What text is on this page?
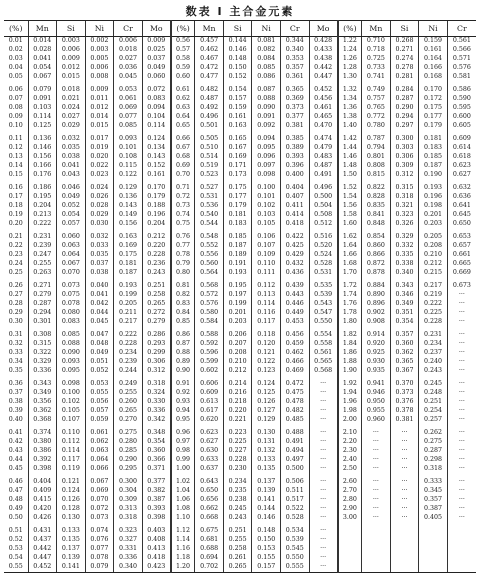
数表 I 主合金元素
(%)	Mn	Si	Ni	Cr	Mo	(%)	Mn	Si	Ni	Cr	Mo	(%)	Mn	Si	Ni	Cr
0.01	0.014	0.003	0.002	0.006	0.009	0.56	0.457	0.144	0.081	0.344	0.428	1.22	0.710	0.268	0.159	0.561
0.02	0.028	0.006	0.003	0.018	0.025	0.57	0.462	0.146	0.082	0.340	0.433	1.24	0.718	0.271	0.161	0.566
0.03	0.041	0.009	0.005	0.027	0.037	0.58	0.467	0.148	0.084	0.353	0.438	1.26	0.725	0.274	0.164	0.571
0.04	0.054	0.012	0.006	0.036	0.049	0.59	0.472	0.150	0.085	0.357	0.442	1.28	0.733	0.278	0.166	0.576
0.05	0.067	0.015	0.008	0.045	0.060	0.60	0.477	0.152	0.086	0.361	0.447	1.30	0.741	0.281	0.168	0.581

0.06	0.079	0.018	0.009	0.053	0.072	0.61	0.482	0.154	0.087	0.365	0.452	1.32	0.749	0.284	0.170	0.586
0.07	0.091	0.021	0.011	0.061	0.083	0.62	0.487	0.157	0.088	0.369	0.456	1.34	0.757	0.287	0.172	0.590
0.08	0.103	0.024	0.012	0.069	0.094	0.63	0.492	0.159	0.090	0.373	0.461	1.36	0.765	0.290	0.175	0.595
0.09	0.114	0.027	0.014	0.077	0.104	0.64	0.496	0.161	0.091	0.377	0.465	1.38	0.772	0.294	0.177	0.600
0.10	0.125	0.029	0.015	0.085	0.114	0.65	0.501	0.163	0.092	0.381	0.470	1.40	0.780	0.297	0.179	0.605

0.11	0.136	0.032	0.017	0.093	0.124	0.66	0.505	0.165	0.094	0.385	0.474	1.42	0.787	0.300	0.181	0.609
0.12	0.146	0.035	0.019	0.101	0.134	0.67	0.510	0.167	0.095	0.389	0.479	1.44	0.794	0.303	0.183	0.614
0.13	0.156	0.038	0.020	0.108	0.143	0.68	0.514	0.169	0.096	0.393	0.483	1.46	0.801	0.306	0.185	0.618
0.14	0.166	0.041	0.022	0.115	0.152	0.69	0.519	0.171	0.097	0.396	0.487	1.48	0.808	0.309	0.187	0.623
0.15	0.176	0.043	0.023	0.122	0.161	0.70	0.523	0.173	0.098	0.400	0.491	1.50	0.815	0.312	0.190	0.627

0.16	0.186	0.046	0.024	0.129	0.170	0.71	0.527	0.175	0.100	0.404	0.496	1.52	0.822	0.315	0.193	0.632
0.17	0.195	0.049	0.026	0.136	0.179	0.72	0.531	0.177	0.101	0.407	0.500	1.54	0.828	0.318	0.196	0.636
0.18	0.204	0.052	0.028	0.143	0.188	0.73	0.536	0.179	0.102	0.411	0.504	1.56	0.835	0.321	0.198	0.641
0.19	0.213	0.054	0.029	0.149	0.196	0.74	0.540	0.181	0.103	0.414	0.508	1.58	0.841	0.323	0.201	0.645
0.20	0.222	0.057	0.030	0.156	0.204	0.75	0.544	0.183	0.105	0.418	0.512	1.60	0.848	0.326	0.203	0.650

0.21	0.231	0.060	0.032	0.163	0.212	0.76	0.548	0.185	0.106	0.422	0.516	1.62	0.854	0.329	0.205	0.653
0.22	0.239	0.063	0.033	0.169	0.220	0.77	0.552	0.187	0.107	0.425	0.520	1.64	0.860	0.332	0.208	0.657
0.23	0.247	0.064	0.035	0.175	0.228	0.78	0.556	0.189	0.109	0.429	0.524	1.66	0.866	0.335	0.210	0.661
0.24	0.255	0.067	0.037	0.181	0.236	0.79	0.560	0.191	0.110	0.432	0.528	1.68	0.872	0.338	0.212	0.665
0.25	0.263	0.070	0.038	0.187	0.243	0.80	0.564	0.193	0.111	0.436	0.531	1.70	0.878	0.340	0.215	0.669

0.26	0.271	0.073	0.040	0.193	0.251	0.81	0.568	0.195	0.112	0.439	0.535	1.72	0.884	0.343	0.217	0.673
0.27	0.279	0.075	0.041	0.199	0.258	0.82	0.572	0.197	0.113	0.443	0.539	1.74	0.890	0.346	0.219	···
0.28	0.287	0.078	0.042	0.205	0.265	0.83	0.576	0.199	0.114	0.446	0.543	1.76	0.896	0.349	0.222	···
0.29	0.294	0.080	0.044	0.211	0.272	0.84	0.580	0.201	0.116	0.449	0.547	1.78	0.902	0.351	0.225	···
0.30	0.301	0.083	0.045	0.217	0.279	0.85	0.584	0.203	0.117	0.453	0.550	1.80	0.908	0.354	0.228	···

0.31	0.308	0.085	0.047	0.222	0.286	0.86	0.588	0.206	0.118	0.456	0.554	1.82	0.914	0.357	0.231	···
0.32	0.315	0.088	0.048	0.228	0.293	0.87	0.592	0.207	0.120	0.459	0.558	1.84	0.920	0.360	0.234	···
0.33	0.322	0.090	0.049	0.234	0.299	0.88	0.596	0.208	0.121	0.462	0.561	1.86	0.925	0.362	0.237	···
0.34	0.329	0.093	0.051	0.239	0.306	0.89	0.599	0.210	0.122	0.466	0.565	1.88	0.930	0.365	0.240	···
0.35	0.336	0.095	0.052	0.244	0.312	0.90	0.602	0.212	0.123	0.469	0.568	1.90	0.935	0.367	0.243	···

0.36	0.343	0.098	0.053	0.249	0.318	0.91	0.606	0.214	0.124	0.472	···	1.92	0.941	0.370	0.245	···
0.37	0.349	0.100	0.055	0.255	0.324	0.92	0.609	0.216	0.125	0.475	···	1.94	0.946	0.373	0.248	···
0.38	0.356	0.102	0.056	0.260	0.330	0.93	0.613	0.218	0.126	0.478	···	1.96	0.950	0.376	0.251	···
0.39	0.362	0.105	0.057	0.265	0.336	0.94	0.617	0.220	0.127	0.482	···	1.98	0.955	0.378	0.254	···
0.40	0.368	0.107	0.059	0.270	0.342	0.95	0.620	0.221	0.129	0.485	···	2.00	0.960	0.381	0.257	···

0.41	0.374	0.110	0.061	0.275	0.348	0.96	0.623	0.223	0.130	0.488	···	2.10	···	···	0.262	···
0.42	0.380	0.112	0.062	0.280	0.354	0.97	0.627	0.225	0.131	0.491	···	2.20	···	···	0.275	···
0.43	0.386	0.114	0.063	0.285	0.360	0.98	0.630	0.227	0.132	0.494	···	2.30	···	···	0.287	···
0.44	0.392	0.117	0.064	0.290	0.366	0.99	0.633	0.228	0.133	0.497	···	2.40	···	···	0.298	···
0.45	0.398	0.119	0.066	0.295	0.371	1.00	0.637	0.230	0.135	0.500	···	2.50	···	···	0.318	···

0.46	0.404	0.121	0.067	0.300	0.377	1.02	0.643	0.234	0.137	0.506	···	2.60	···	···	0.333	···
0.47	0.409	0.124	0.069	0.304	0.382	1.04	0.650	0.235	0.139	0.511	···	2.70	···	···	0.345	···
0.48	0.415	0.126	0.070	0.309	0.387	1.06	0.656	0.238	0.141	0.517	···	2.80	···	···	0.357	···
0.49	0.420	0.128	0.072	0.313	0.393	1.08	0.662	0.245	0.144	0.522	···	2.90	···	···	0.387	···
0.50	0.426	0.130	0.073	0.318	0.398	1.10	0.668	0.243	0.146	0.528	···	3.00	···	···	0.405	···

0.51	0.431	0.133	0.074	0.323	0.403	1.12	0.675	0.251	0.148	0.534	···					
0.52	0.437	0.135	0.076	0.327	0.408	1.14	0.681	0.255	0.150	0.539	···					
0.53	0.442	0.137	0.077	0.331	0.413	1.16	0.688	0.258	0.153	0.545	···					
0.54	0.447	0.139	0.078	0.336	0.418	1.18	0.694	0.261	0.155	0.550	···					
0.55	0.452	0.141	0.079	0.340	0.423	1.20	0.702	0.265	0.157	0.555	···					
